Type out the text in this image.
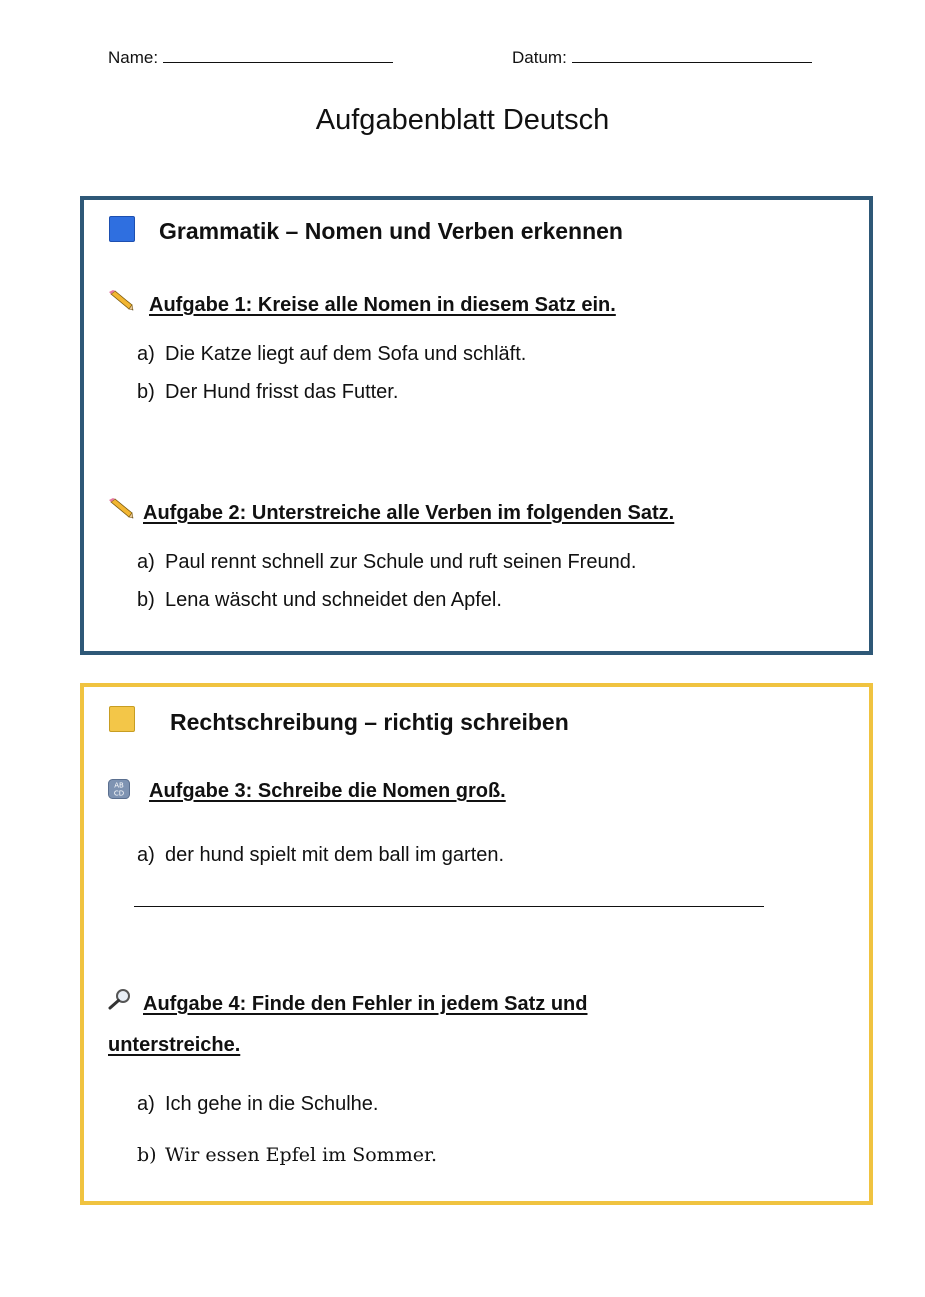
Name:	Datum:
Aufgabenblatt Deutsch
Grammatik – Nomen und Verben erkennen
Aufgabe 1: Kreise alle Nomen in diesem Satz ein.
a) Die Katze liegt auf dem Sofa und schläft.
b) Der Hund frisst das Futter.
Aufgabe 2: Unterstreiche alle Verben im folgenden Satz.
a) Paul rennt schnell zur Schule und ruft seinen Freund.
b) Lena wäscht und schneidet den Apfel.
Rechtschreibung – richtig schreiben
AB
CD Aufgabe 3: Schreibe die Nomen groß.
a) der hund spielt mit dem ball im garten.
Aufgabe 4: Finde den Fehler in jedem Satz und
unterstreiche.
a) Ich gehe in die Schulhe.
b) Wir essen Epfel im Sommer.
